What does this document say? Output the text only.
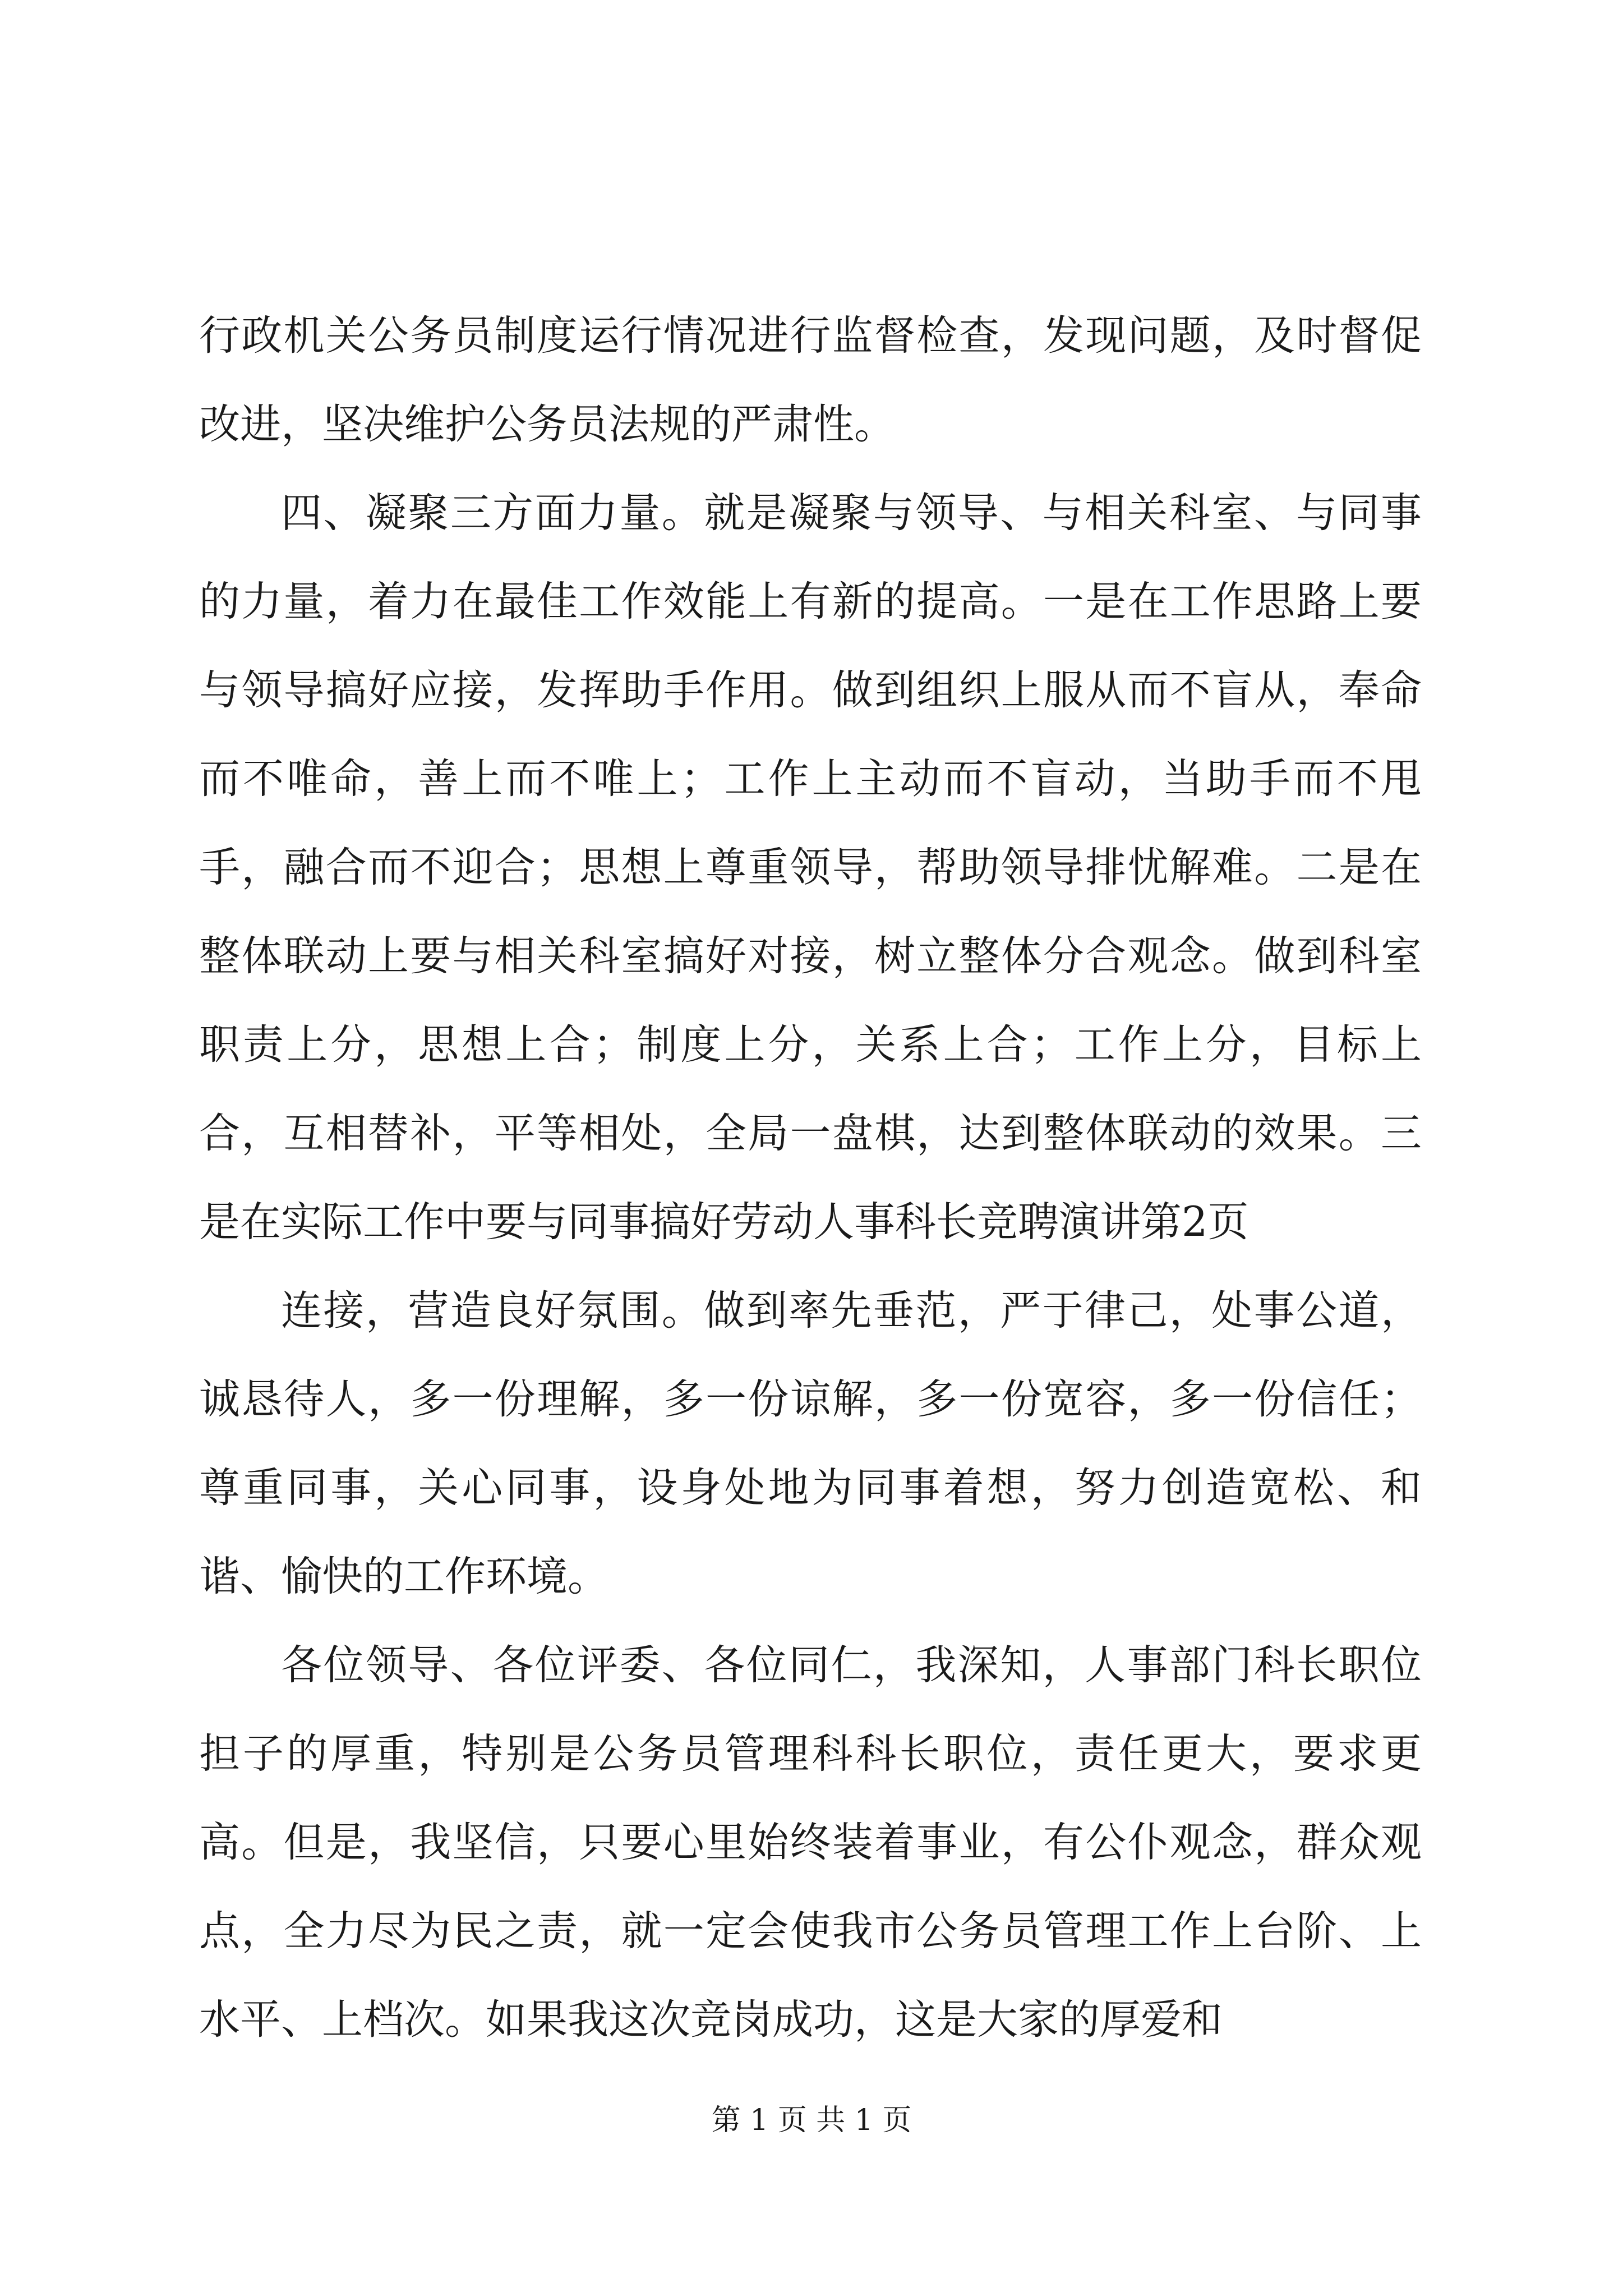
行政机关公务员制度运行情况进行监督检查，发现问题，及时督促改进，坚决维护公务员法规的严肃性。

四、凝聚三方面力量。就是凝聚与领导、与相关科室、与同事的力量，着力在最佳工作效能上有新的提高。一是在工作思路上要与领导搞好应接，发挥助手作用。做到组织上服从而不盲从，奉命而不唯命，善上而不唯上；工作上主动而不盲动，当助手而不甩手，融合而不迎合；思想上尊重领导，帮助领导排忧解难。二是在整体联动上要与相关科室搞好对接，树立整体分合观念。做到科室职责上分，思想上合；制度上分，关系上合；工作上分，目标上合，互相替补，平等相处，全局一盘棋，达到整体联动的效果。三是在实际工作中要与同事搞好劳动人事科长竞聘演讲第2页

连接，营造良好氛围。做到率先垂范，严于律己，处事公道，诚恳待人，多一份理解，多一份谅解，多一份宽容，多一份信任；尊重同事，关心同事，设身处地为同事着想，努力创造宽松、和谐、愉快的工作环境。

各位领导、各位评委、各位同仁，我深知，人事部门科长职位担子的厚重，特别是公务员管理科科长职位，责任更大，要求更高。但是，我坚信，只要心里始终装着事业，有公仆观念，群众观点，全力尽为民之责，就一定会使我市公务员管理工作上台阶、上水平、上档次。如果我这次竞岗成功，这是大家的厚爱和

第 1 页 共 1 页
